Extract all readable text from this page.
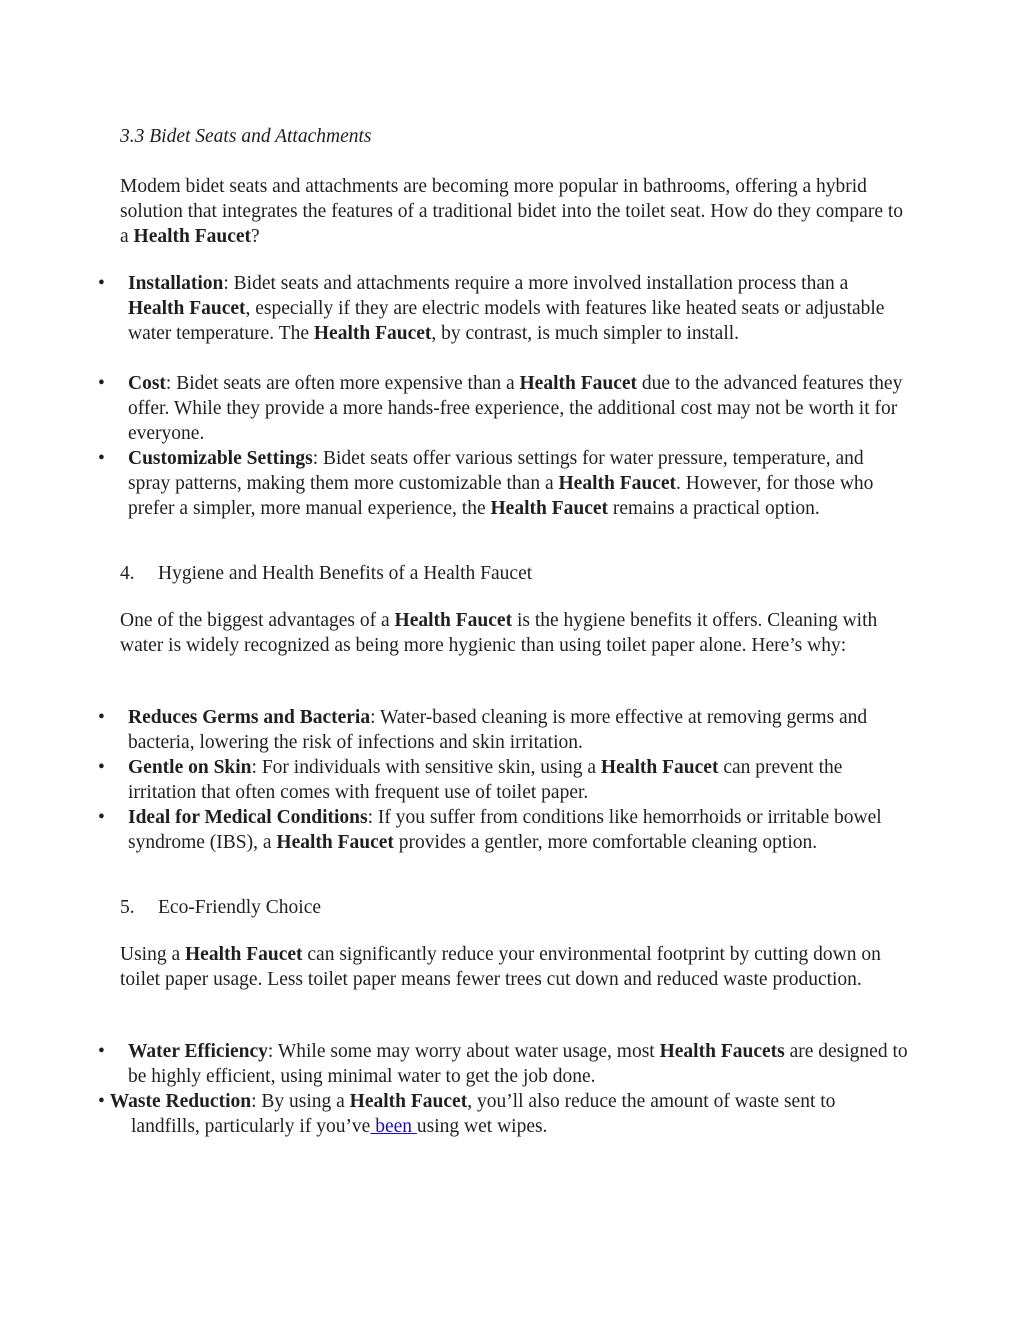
3.3 Bidet Seats and Attachments
Modem bidet seats and attachments are becoming more popular in bathrooms, offering a hybrid solution that integrates the features of a traditional bidet into the toilet seat. How do they compare to a Health Faucet?
• Installation: Bidet seats and attachments require a more involved installation process than a Health Faucet, especially if they are electric models with features like heated seats or adjustable water temperature. The Health Faucet, by contrast, is much simpler to install.
• Cost: Bidet seats are often more expensive than a Health Faucet due to the advanced features they offer. While they provide a more hands-free experience, the additional cost may not be worth it for everyone.
• Customizable Settings: Bidet seats offer various settings for water pressure, temperature, and spray patterns, making them more customizable than a Health Faucet. However, for those who prefer a simpler, more manual experience, the Health Faucet remains a practical option.
4. Hygiene and Health Benefits of a Health Faucet
One of the biggest advantages of a Health Faucet is the hygiene benefits it offers. Cleaning with water is widely recognized as being more hygienic than using toilet paper alone. Here’s why:
• Reduces Germs and Bacteria: Water-based cleaning is more effective at removing germs and bacteria, lowering the risk of infections and skin irritation.
• Gentle on Skin: For individuals with sensitive skin, using a Health Faucet can prevent the irritation that often comes with frequent use of toilet paper.
• Ideal for Medical Conditions: If you suffer from conditions like hemorrhoids or irritable bowel syndrome (IBS), a Health Faucet provides a gentler, more comfortable cleaning option.
5. Eco-Friendly Choice
Using a Health Faucet can significantly reduce your environmental footprint by cutting down on toilet paper usage. Less toilet paper means fewer trees cut down and reduced waste production.
• Water Efficiency: While some may worry about water usage, most Health Faucets are designed to be highly efficient, using minimal water to get the job done.
• Waste Reduction: By using a Health Faucet, you’ll also reduce the amount of waste sent to landfills, particularly if you’ve been using wet wipes.
